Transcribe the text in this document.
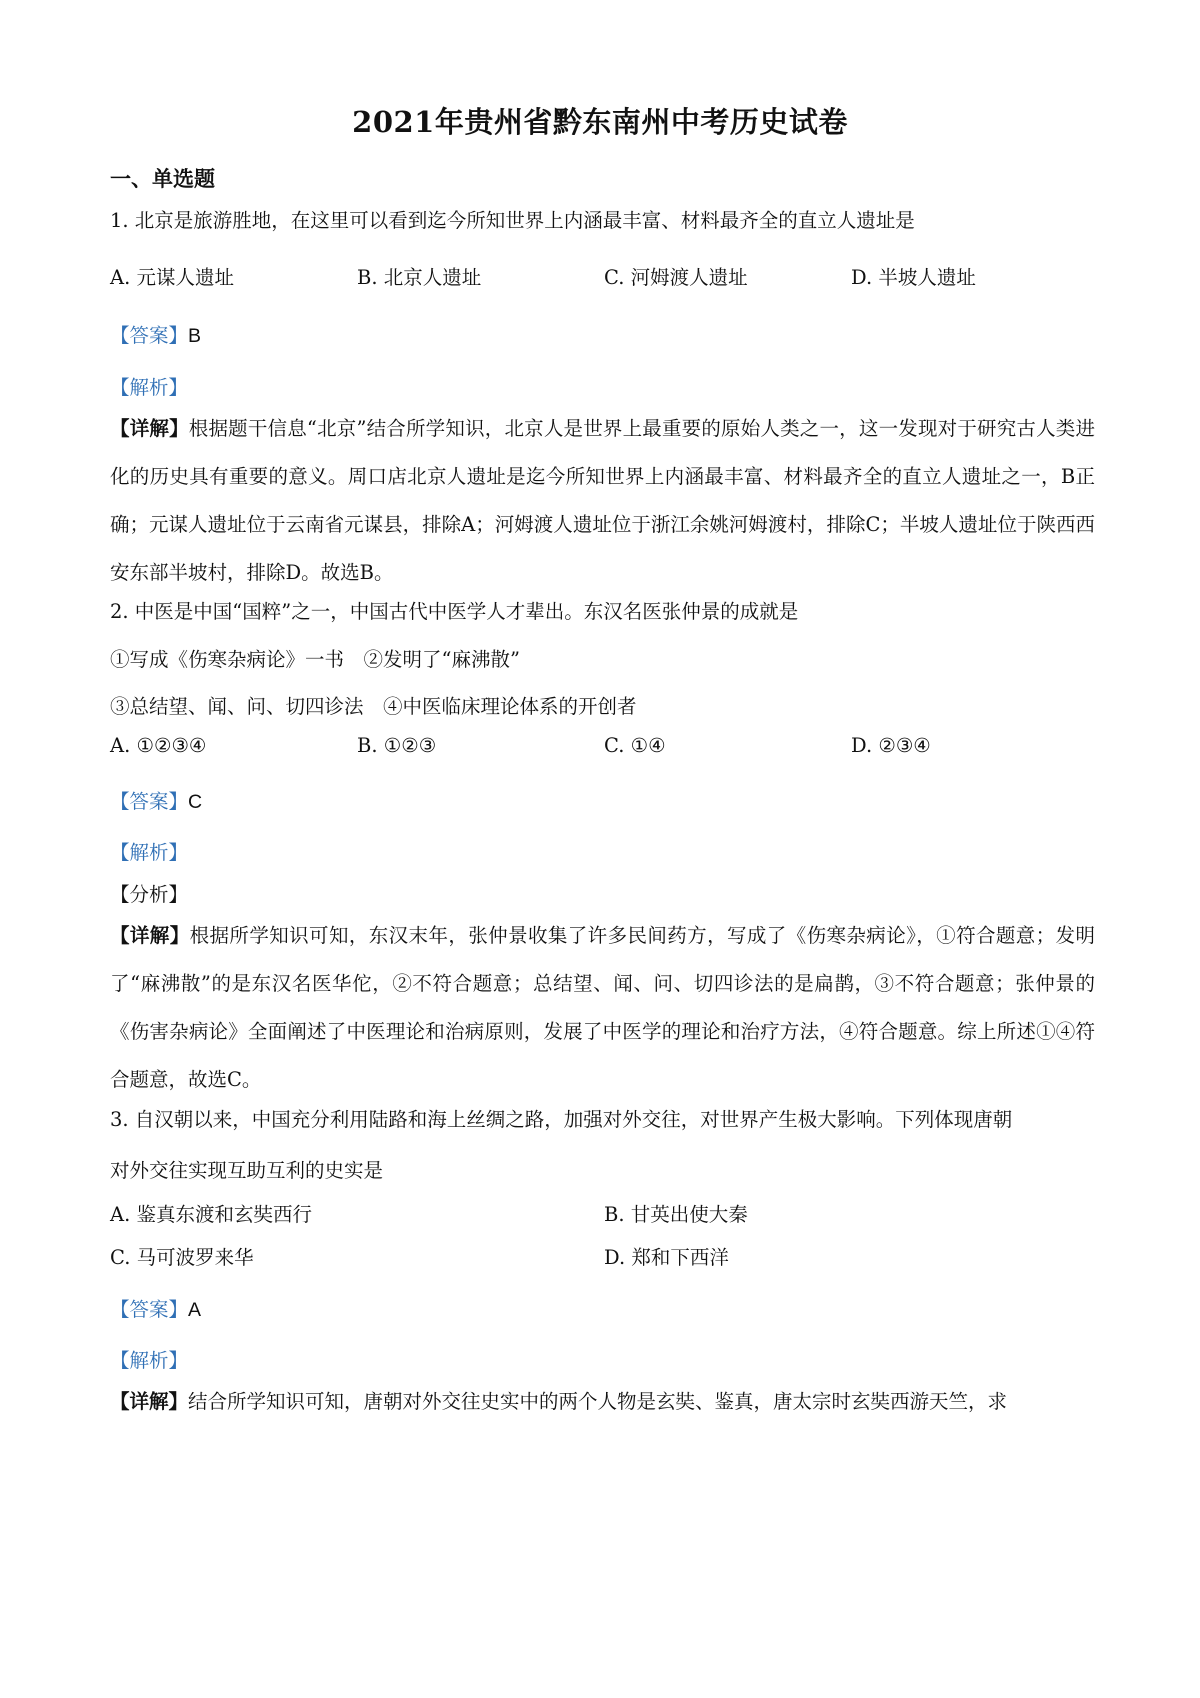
2021年贵州省黔东南州中考历史试卷
一、单选题
1. 北京是旅游胜地，在这里可以看到迄今所知世界上内涵最丰富、材料最齐全的直立人遗址是
A. 元谋人遗址	B. 北京人遗址	C. 河姆渡人遗址	D. 半坡人遗址
【答案】B
【解析】
【详解】根据题干信息“北京”结合所学知识，北京人是世界上最重要的原始人类之一，这一发现对于研究古人类进化的历史具有重要的意义。周口店北京人遗址是迄今所知世界上内涵最丰富、材料最齐全的直立人遗址之一，B正确；元谋人遗址位于云南省元谋县，排除A；河姆渡人遗址位于浙江余姚河姆渡村，排除C；半坡人遗址位于陕西西安东部半坡村，排除D。故选B。
2. 中医是中国“国粹”之一，中国古代中医学人才辈出。东汉名医张仲景的成就是
①写成《伤寒杂病论》一书　②发明了“麻沸散”
③总结望、闻、问、切四诊法　④中医临床理论体系的开创者
A. ①②③④	B. ①②③	C. ①④	D. ②③④
【答案】C
【解析】
【分析】
【详解】根据所学知识可知，东汉末年，张仲景收集了许多民间药方，写成了《伤寒杂病论》，①符合题意；发明了“麻沸散”的是东汉名医华佗，②不符合题意；总结望、闻、问、切四诊法的是扁鹊，③不符合题意；张仲景的《伤害杂病论》全面阐述了中医理论和治病原则，发展了中医学的理论和治疗方法，④符合题意。综上所述①④符合题意，故选C。
3. 自汉朝以来，中国充分利用陆路和海上丝绸之路，加强对外交往，对世界产生极大影响。下列体现唐朝
对外交往实现互助互利的史实是
A. 鉴真东渡和玄奘西行	B. 甘英出使大秦
C. 马可波罗来华	D. 郑和下西洋
【答案】A
【解析】
【详解】结合所学知识可知，唐朝对外交往史实中的两个人物是玄奘、鉴真，唐太宗时玄奘西游天竺，求
